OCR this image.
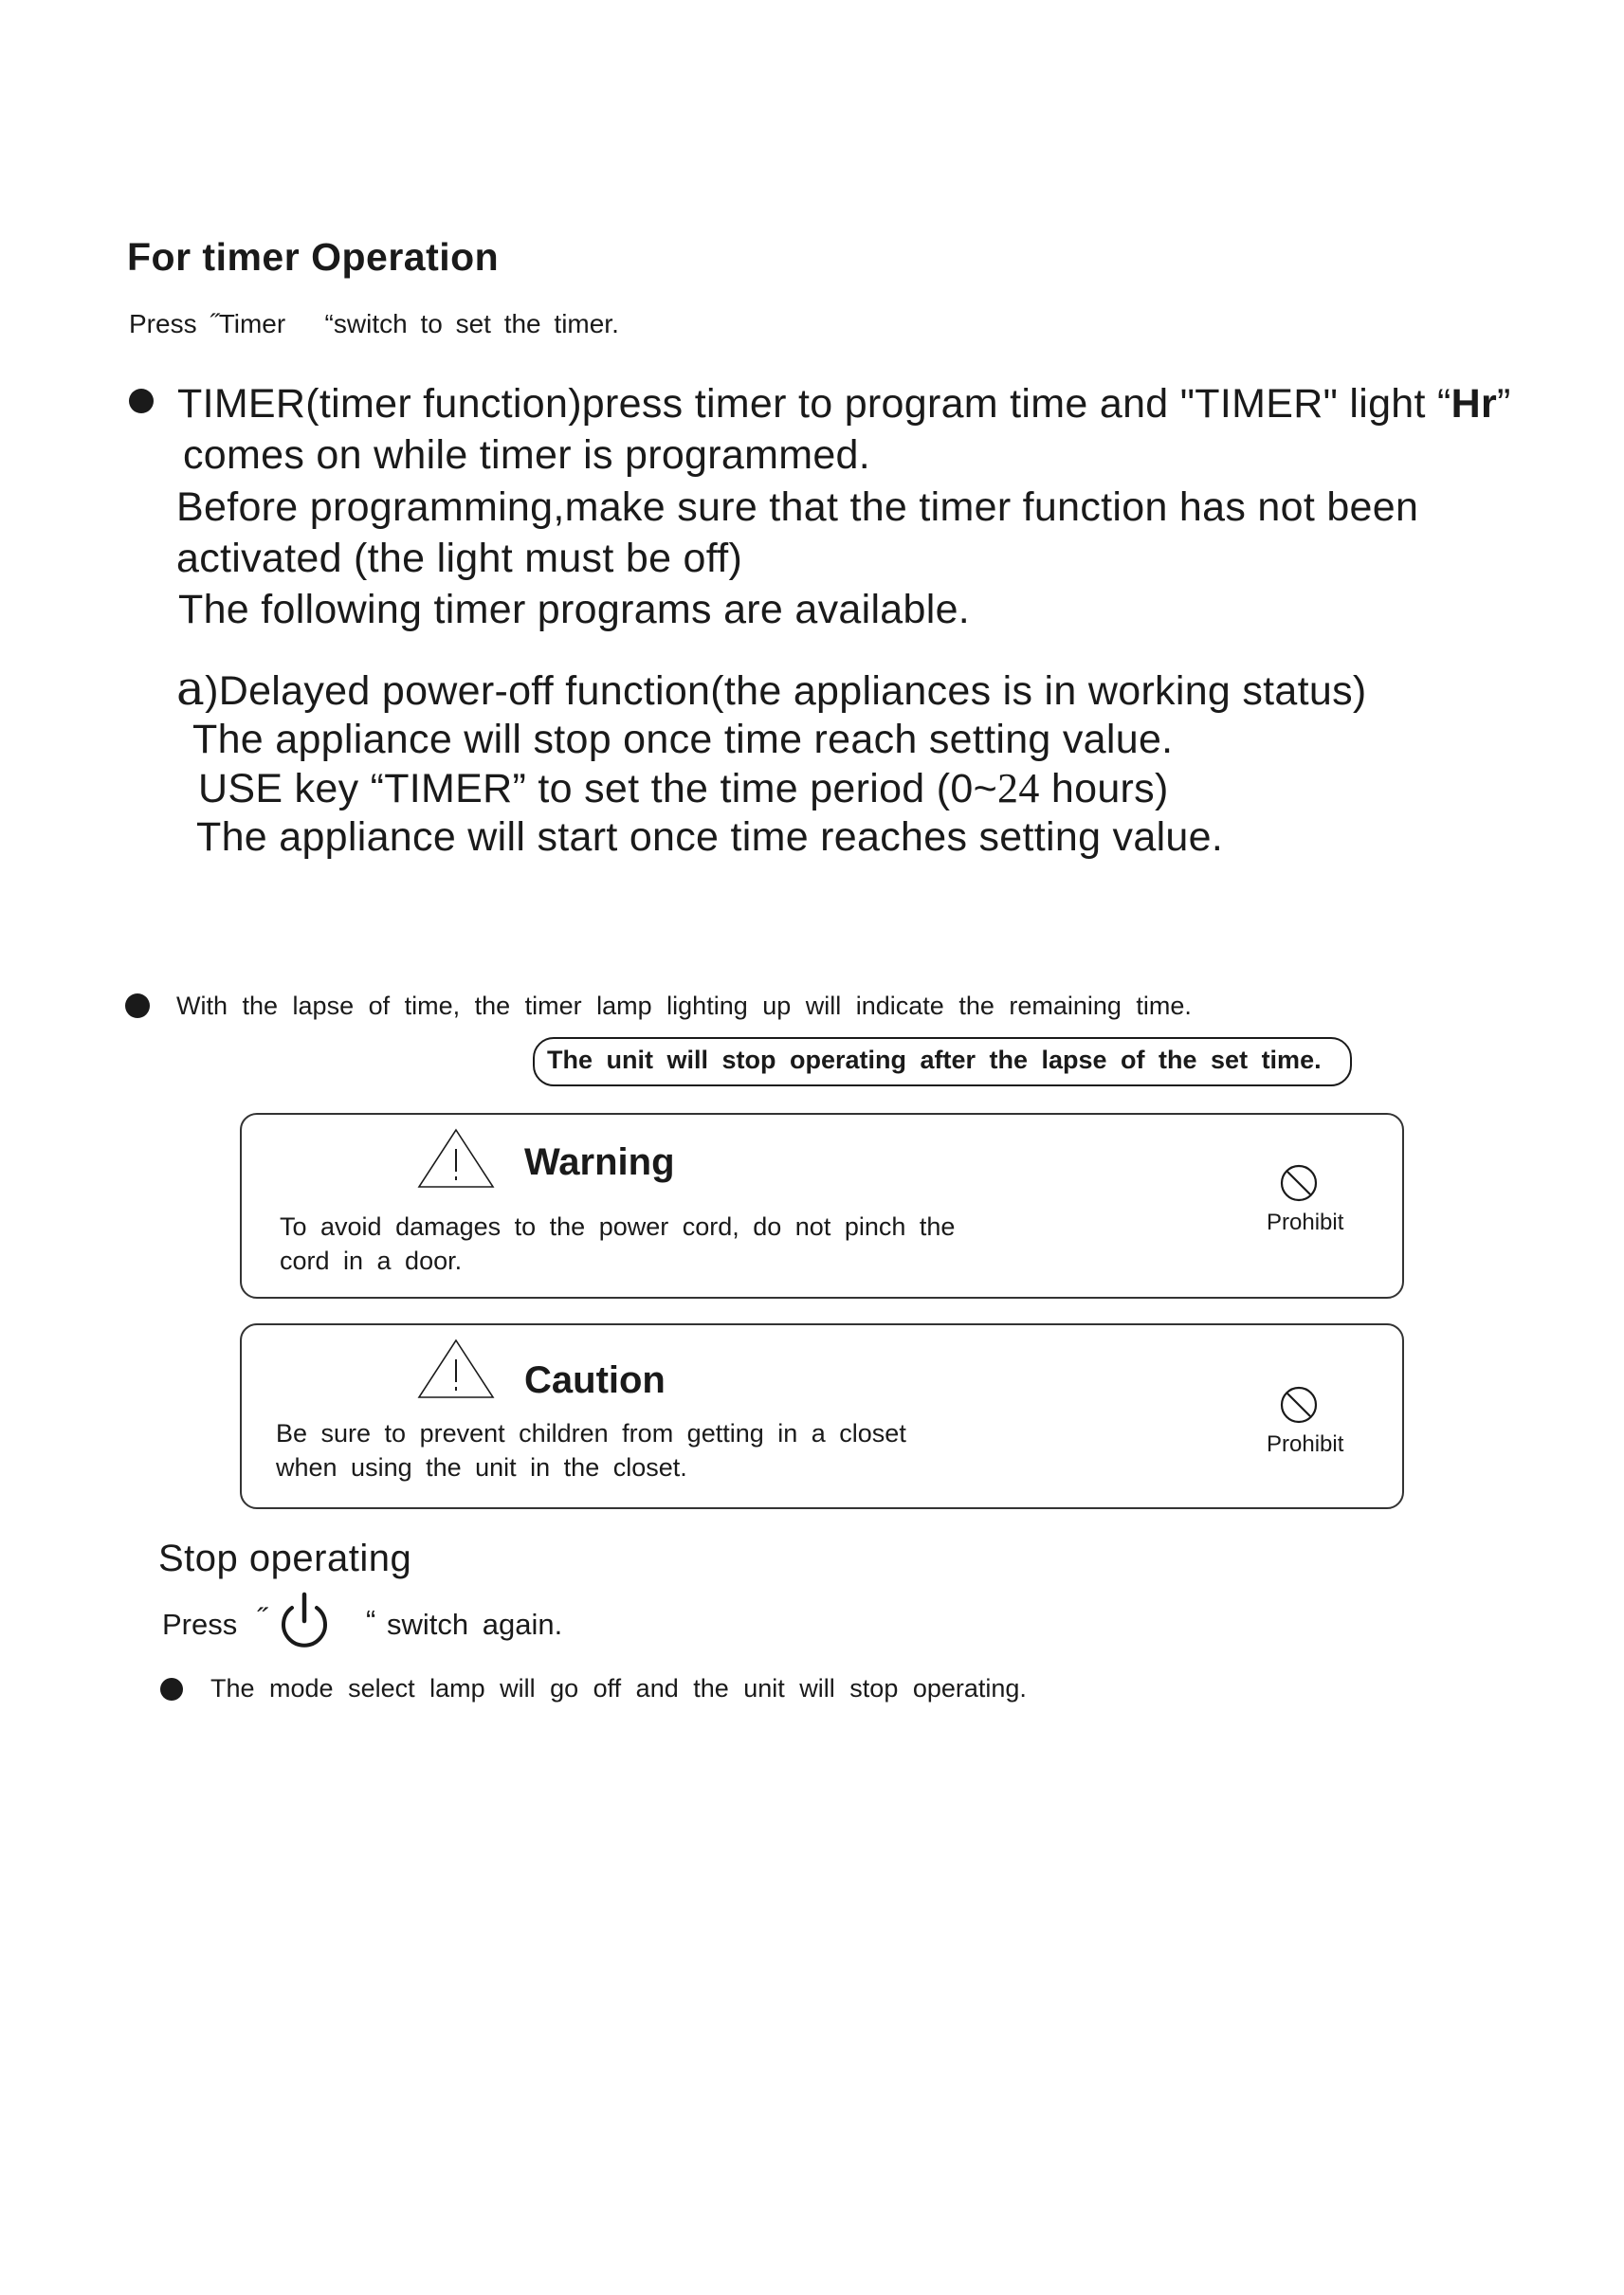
For timer Operation
Press ˝Timer “switch to set the timer.
TIMER(timer function)press timer to program time and "TIMER" light “Hr”
comes on while timer is programmed.
Before programming,make sure that the timer function has not been
activated (the light must be off)
The following timer programs are available.
a)Delayed power-off function(the appliances is in working status)
The appliance will stop once time reach setting value.
USE key “TIMER” to set the time period (0~24 hours)
The appliance will start once time reaches setting value.
With the lapse of time, the timer lamp lighting up will indicate the remaining time.
The unit will stop operating after the lapse of the set time.
Warning
To avoid damages to the power cord, do not pinch the cord in a door.
Prohibit
Caution
Be sure to prevent children from getting in a closet when using the unit in the closet.
Prohibit
Stop operating
Press ˝	“ switch again.
The mode select lamp will go off and the unit will stop operating.
